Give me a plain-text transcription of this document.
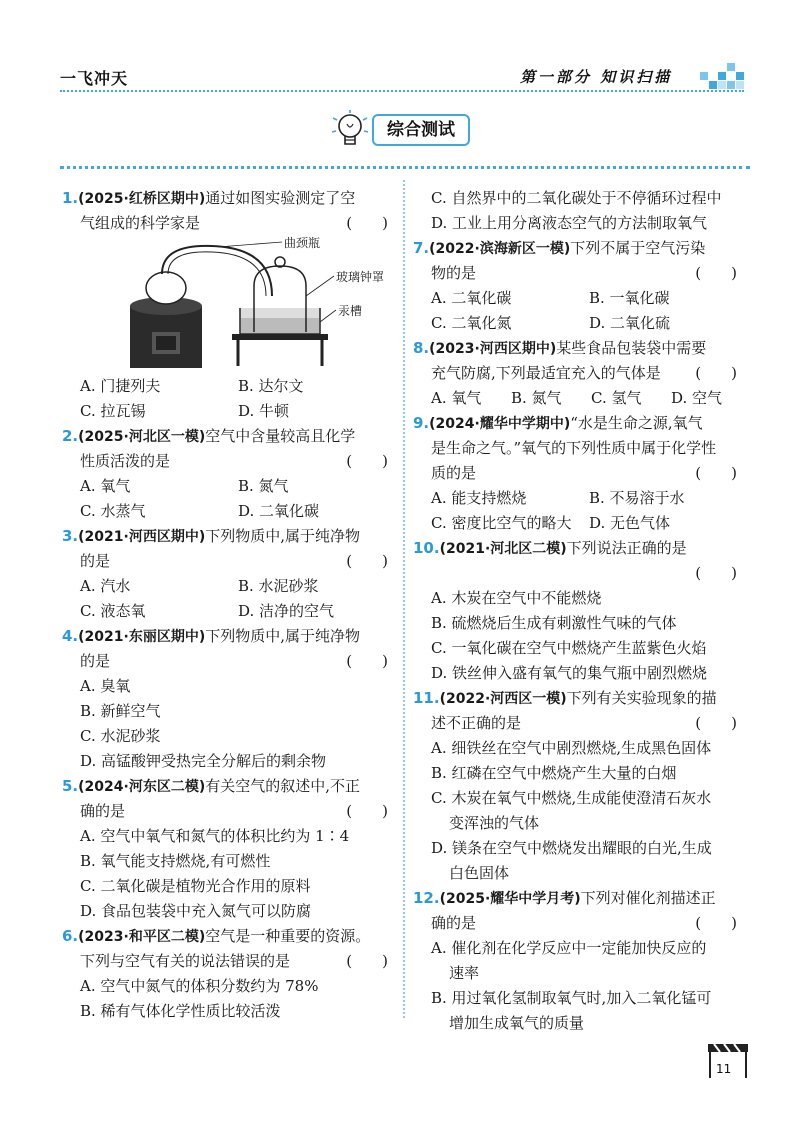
一飞冲天	第一部分 知识扫描
综合测试
1.(2025·红桥区期中)通过如图实验测定了空
气组成的科学家是	(　　)
曲颈瓶
玻璃钟罩
汞槽
A. 门捷列夫	B. 达尔文
C. 拉瓦锡	D. 牛顿
2.(2025·河北区一模)空气中含量较高且化学
性质活泼的是	(　　)
A. 氧气	B. 氮气
C. 水蒸气	D. 二氧化碳
3.(2021·河西区期中)下列物质中,属于纯净物
的是	(　　)
A. 汽水	B. 水泥砂浆
C. 液态氧	D. 洁净的空气
4.(2021·东丽区期中)下列物质中,属于纯净物
的是	(　　)
A. 臭氧
B. 新鲜空气
C. 水泥砂浆
D. 高锰酸钾受热完全分解后的剩余物
5.(2024·河东区二模)有关空气的叙述中,不正
确的是	(　　)
A. 空气中氧气和氮气的体积比约为 1∶4
B. 氧气能支持燃烧,有可燃性
C. 二氧化碳是植物光合作用的原料
D. 食品包装袋中充入氮气可以防腐
6.(2023·和平区二模)空气是一种重要的资源。
下列与空气有关的说法错误的是	(　　)
A. 空气中氮气的体积分数约为 78%
B. 稀有气体化学性质比较活泼
C. 自然界中的二氧化碳处于不停循环过程中
D. 工业上用分离液态空气的方法制取氧气
7.(2022·滨海新区一模)下列不属于空气污染
物的是	(　　)
A. 二氧化碳	B. 一氧化碳
C. 二氧化氮	D. 二氧化硫
8.(2023·河西区期中)某些食品包装袋中需要
充气防腐,下列最适宜充入的气体是 (　　)
A. 氧气 B. 氮气 C. 氢气 D. 空气
9.(2024·耀华中学期中)“水是生命之源,氧气
是生命之气。”氧气的下列性质中属于化学性
质的是	(　　)
A. 能支持燃烧	B. 不易溶于水
C. 密度比空气的略大 D. 无色气体
10.(2021·河北区二模)下列说法正确的是
(　　)
A. 木炭在空气中不能燃烧
B. 硫燃烧后生成有刺激性气味的气体
C. 一氧化碳在空气中燃烧产生蓝紫色火焰
D. 铁丝伸入盛有氧气的集气瓶中剧烈燃烧
11.(2022·河西区一模)下列有关实验现象的描
述不正确的是	(　　)
A. 细铁丝在空气中剧烈燃烧,生成黑色固体
B. 红磷在空气中燃烧产生大量的白烟
C. 木炭在氧气中燃烧,生成能使澄清石灰水
变浑浊的气体
D. 镁条在空气中燃烧发出耀眼的白光,生成
白色固体
12.(2025·耀华中学月考)下列对催化剂描述正
确的是	(　　)
A. 催化剂在化学反应中一定能加快反应的
速率
B. 用过氧化氢制取氧气时,加入二氧化锰可
增加生成氧气的质量
11
